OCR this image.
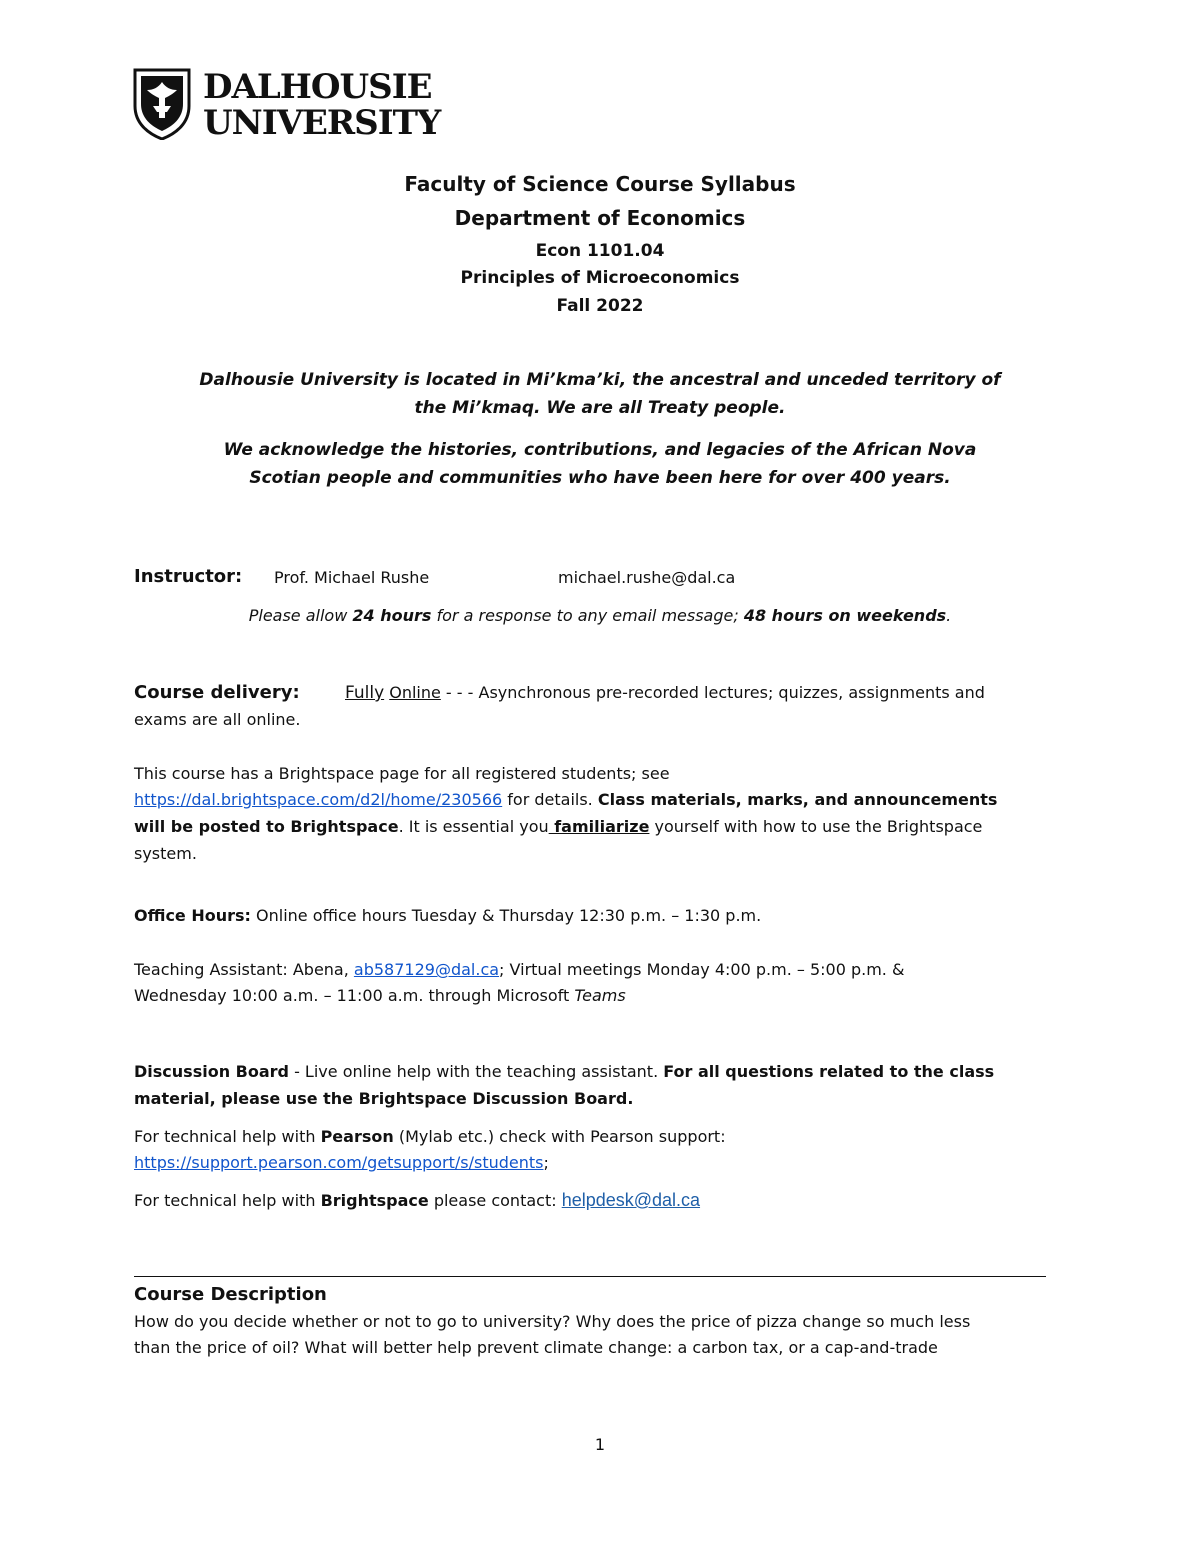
DALHOUSIE
UNIVERSITY
Faculty of Science Course Syllabus
Department of Economics
Econ 1101.04
Principles of Microeconomics
Fall 2022
Dalhousie University is located in Mi’kma’ki, the ancestral and unceded territory of
the Mi’kmaq. We are all Treaty people.
We acknowledge the histories, contributions, and legacies of the African Nova
Scotian people and communities who have been here for over 400 years.
Instructor: Prof. Michael Rushe	michael.rushe@dal.ca
Please allow 24 hours for a response to any email message; 48 hours on weekends.
Course delivery:	Fully Online - - - Asynchronous pre-recorded lectures; quizzes, assignments and
exams are all online.
This course has a Brightspace page for all registered students; see
https://dal.brightspace.com/d2l/home/230566 for details. Class materials, marks, and announcements
will be posted to Brightspace. It is essential you familiarize yourself with how to use the Brightspace
system.
Office Hours: Online office hours Tuesday & Thursday 12:30 p.m. – 1:30 p.m.
Teaching Assistant: Abena, ab587129@dal.ca; Virtual meetings Monday 4:00 p.m. – 5:00 p.m. &
Wednesday 10:00 a.m. – 11:00 a.m. through Microsoft Teams
Discussion Board - Live online help with the teaching assistant. For all questions related to the class
material, please use the Brightspace Discussion Board.
For technical help with Pearson (Mylab etc.) check with Pearson support:
https://support.pearson.com/getsupport/s/students;
For technical help with Brightspace please contact: helpdesk@dal.ca
Course Description
How do you decide whether or not to go to university? Why does the price of pizza change so much less
than the price of oil? What will better help prevent climate change: a carbon tax, or a cap-and-trade
1
